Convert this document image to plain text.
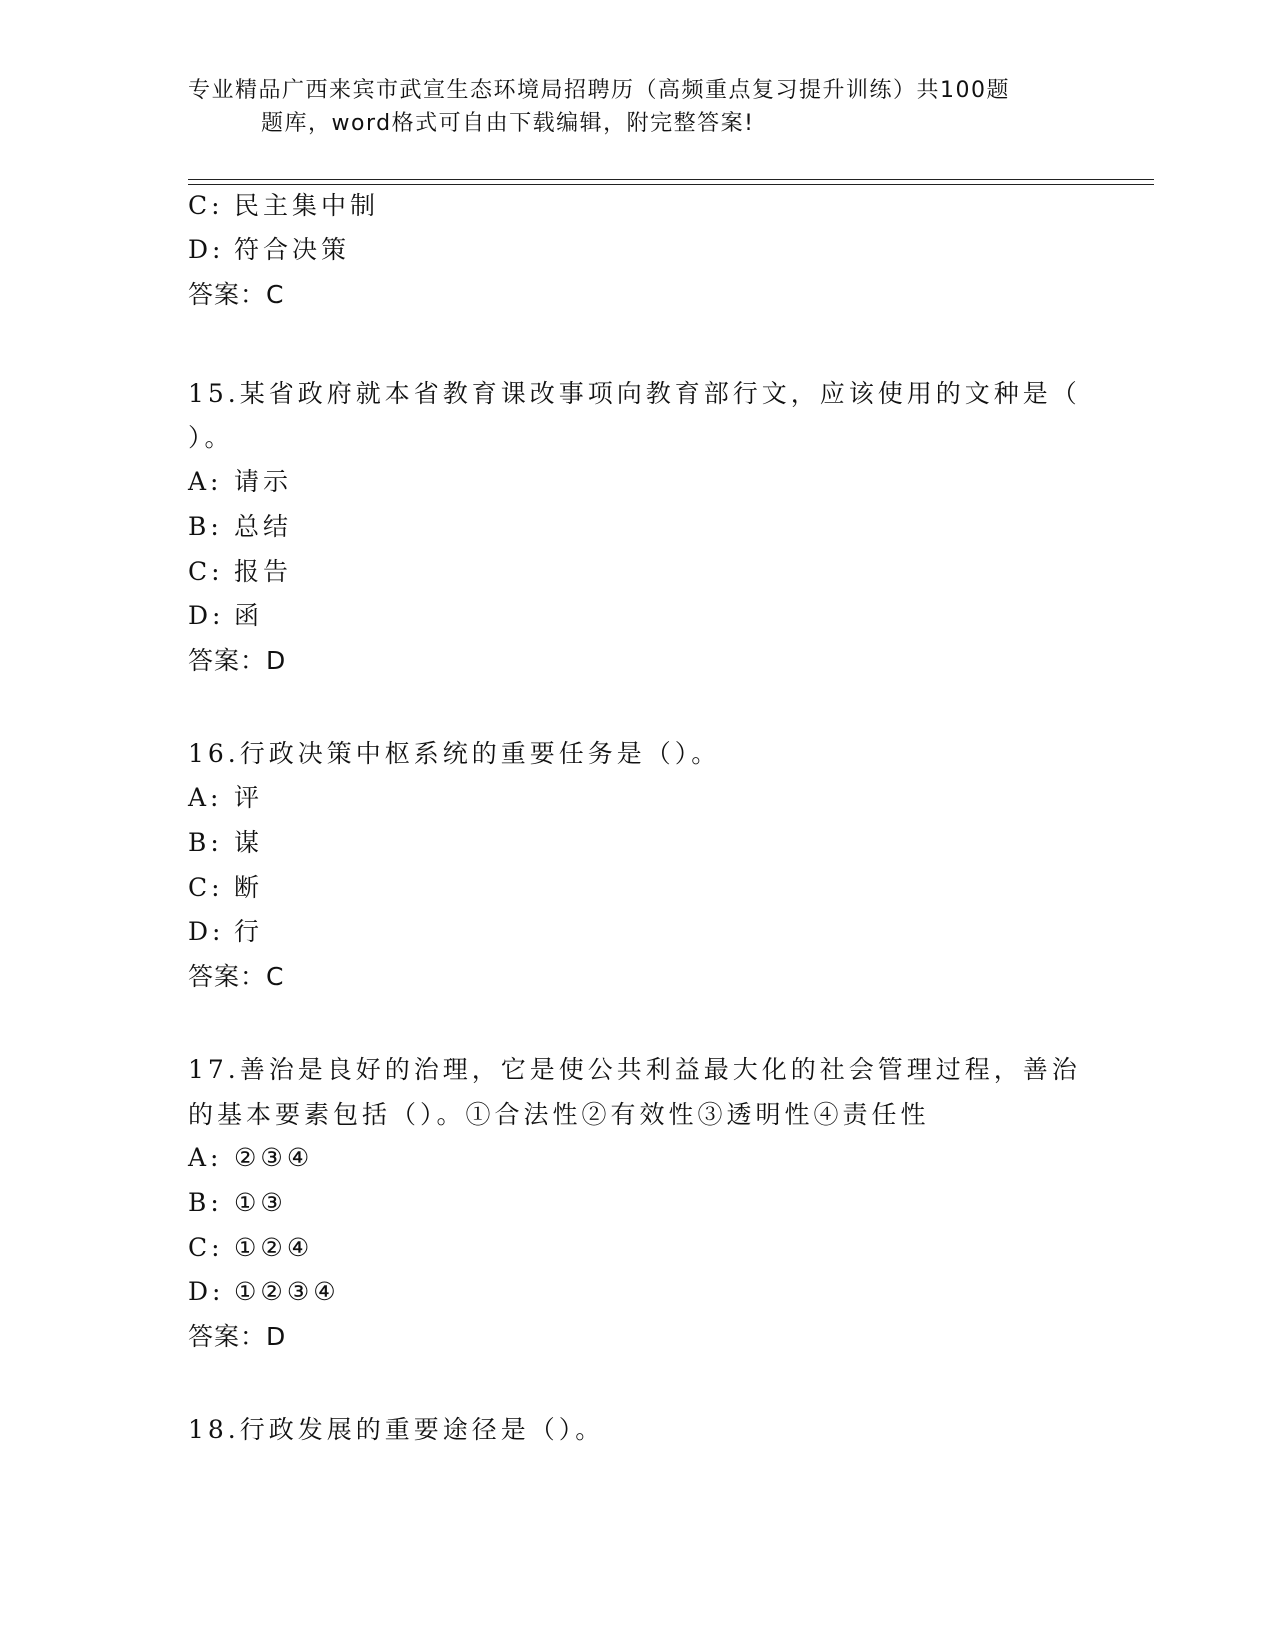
专业精品广西来宾市武宣生态环境局招聘历（高频重点复习提升训练）共100题
题库，word格式可自由下载编辑，附完整答案!
C: 民主集中制
D: 符合决策
答案：C
15.某省政府就本省教育课改事项向教育部行文，应该使用的文种是（
）。
A: 请示
B: 总结
C: 报告
D: 函
答案：D
16.行政决策中枢系统的重要任务是（）。
A: 评
B: 谋
C: 断
D: 行
答案：C
17.善治是良好的治理，它是使公共利益最大化的社会管理过程，善治
的基本要素包括（）。①合法性②有效性③透明性④责任性
A: ②③④
B: ①③
C: ①②④
D: ①②③④
答案：D
18.行政发展的重要途径是（）。
